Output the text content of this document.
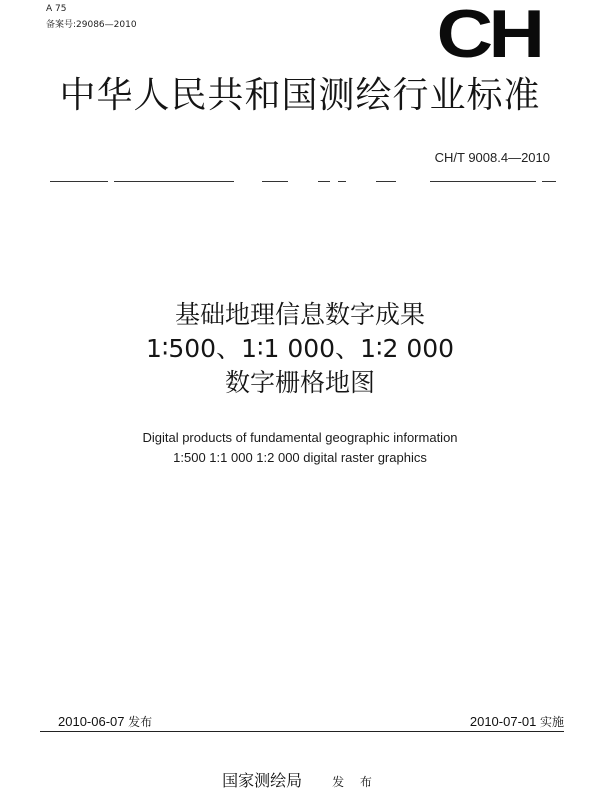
A 75
备案号:29086—2010	CH
中华人民共和国测绘行业标准
CH/T 9008.4—2010
基础地理信息数字成果
1∶500、1∶1 000、1∶2 000
数字栅格地图
Digital products of fundamental geographic information
1:500 1:1 000 1:2 000 digital raster graphics
2010-06-07 发布	2010-07-01 实施
国家测绘局	发 布
